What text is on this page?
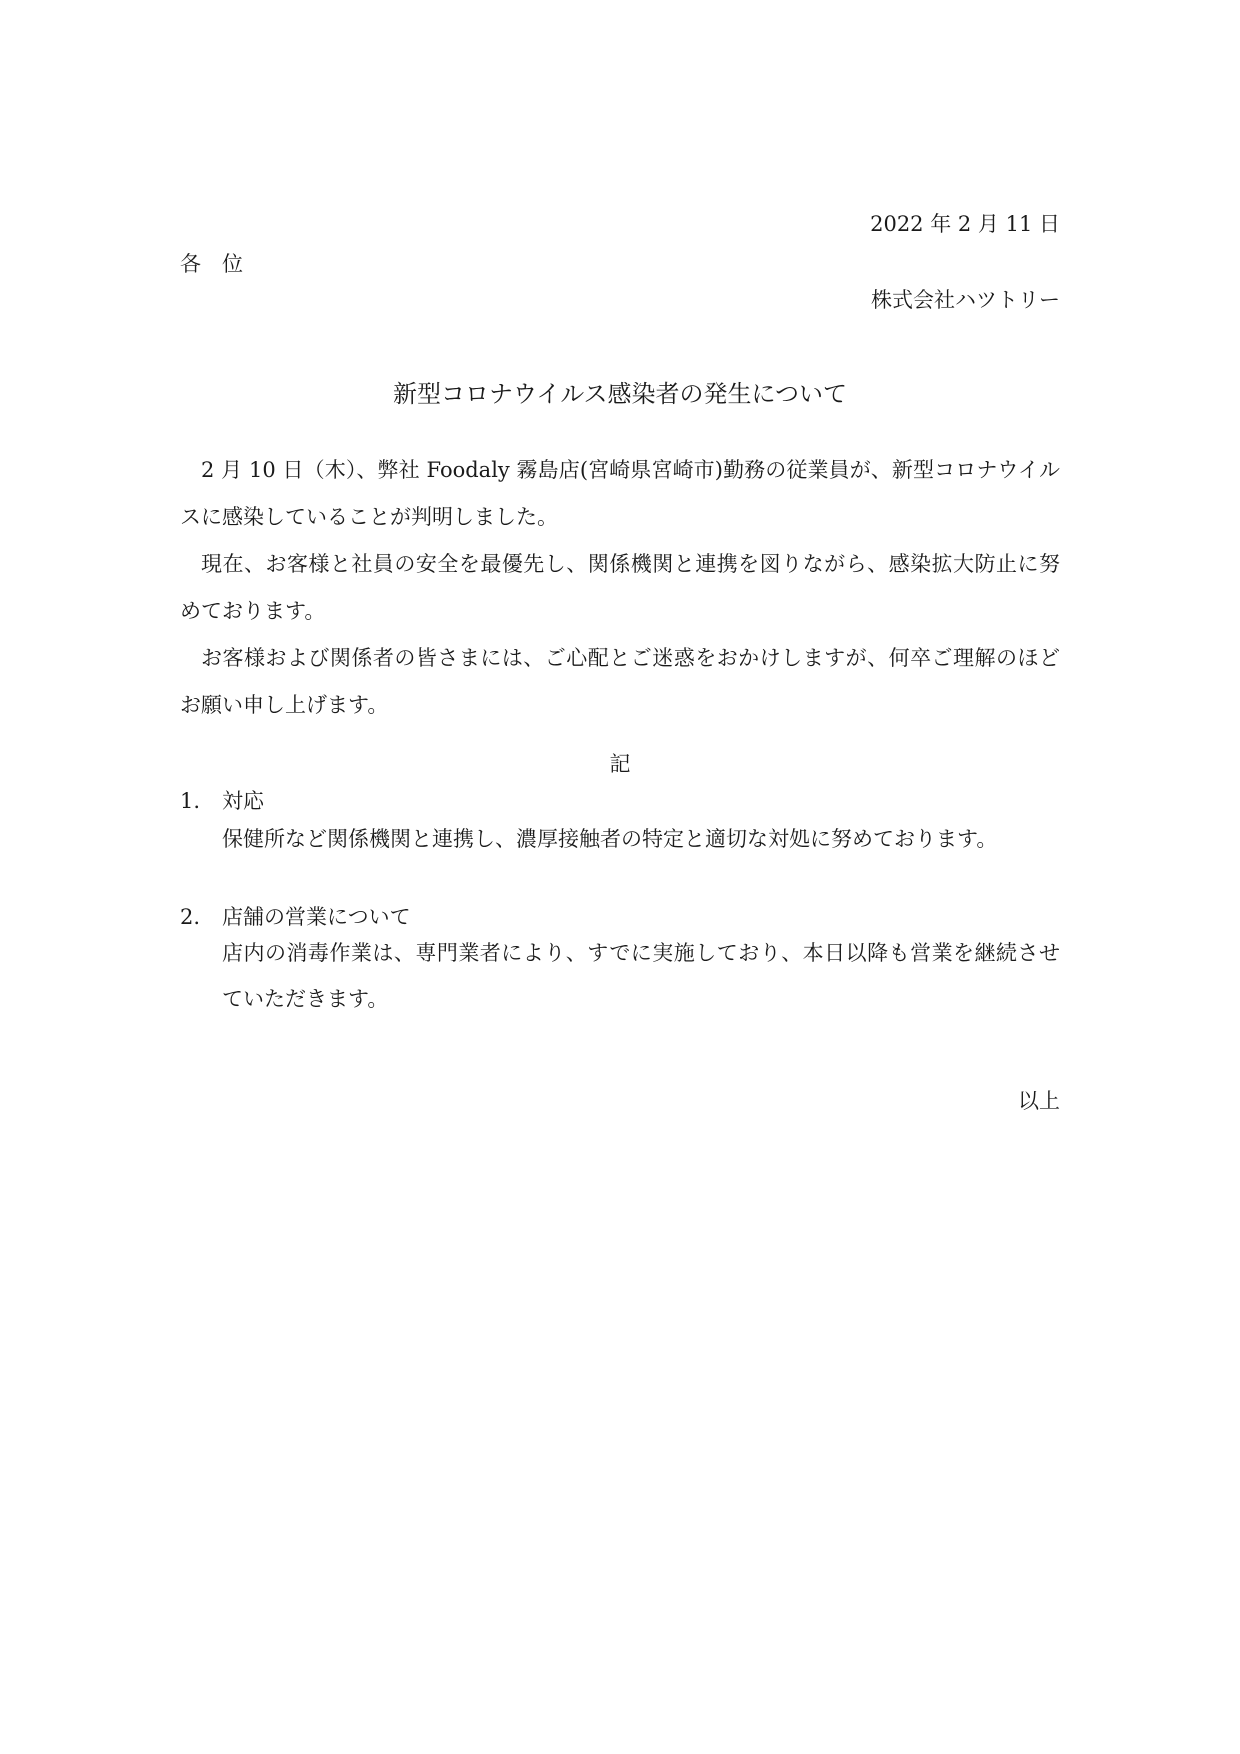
2022 年 2 月 11 日
各　位
株式会社ハツトリー
新型コロナウイルス感染者の発生について

2 月 10 日（木）、弊社 Foodaly 霧島店(宮崎県宮崎市)勤務の従業員が、新型コロナウイルスに感染していることが判明しました。

現在、お客様と社員の安全を最優先し、関係機関と連携を図りながら、感染拡大防止に努めております。

お客様および関係者の皆さまには、ご心配とご迷惑をおかけしますが、何卒ご理解のほどお願い申し上げます。

記
1. 対応

保健所など関係機関と連携し、濃厚接触者の特定と適切な対処に努めております。

2. 店舗の営業について

店内の消毒作業は、専門業者により、すでに実施しており、本日以降も営業を継続させていただきます。

以上
